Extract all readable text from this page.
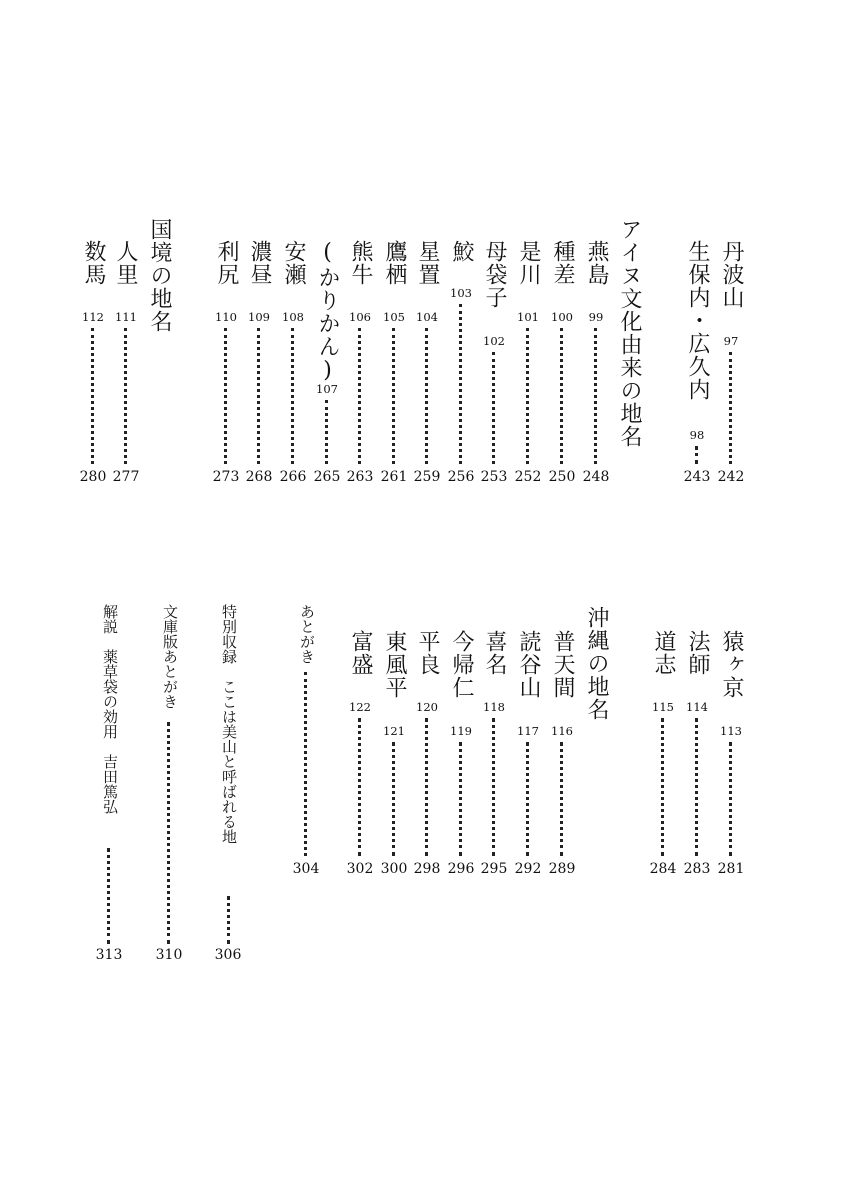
丹波山
97
242
生保内・広久内
98
243
アイヌ文化由来の地名
燕島
99
248
種差
100
250
是川
101
252
母袋子
102
253
鮫
103
256
星置
104
259
鷹栖
105
261
熊牛
106
263
(かりかん)
107
265
安瀬
108
266
濃昼
109
268
利尻
110
273
国境の地名
人里
111
277
数馬
112
280
猿ヶ京
113
281
法師
114
283
道志
115
284
沖縄の地名
普天間
116
289
読谷山
117
292
喜名
118
295
今帰仁
119
296
平良
120
298
東風平
121
300
富盛
122
302
あとがき
304
特別収録　ここは美山と呼ばれる地
306
文庫版あとがき
310
解説　薬草袋の効用　吉田篤弘
313
